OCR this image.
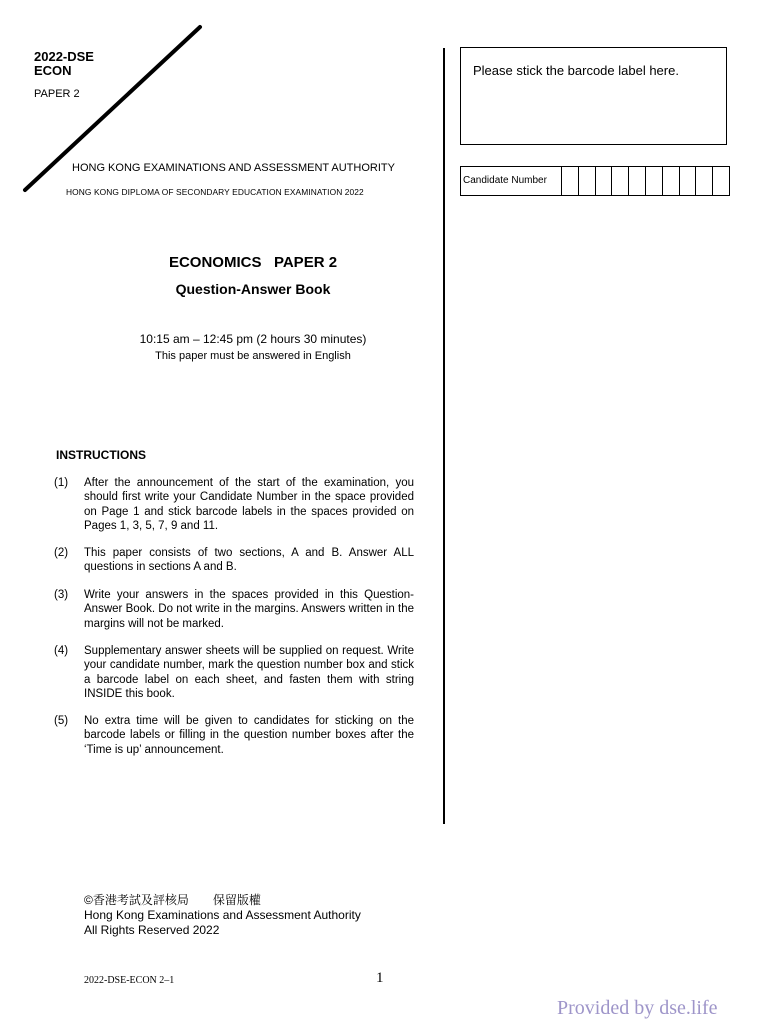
2022-DSE
ECON
PAPER 2
HONG KONG EXAMINATIONS AND ASSESSMENT AUTHORITY
HONG KONG DIPLOMA OF SECONDARY EDUCATION EXAMINATION 2022
ECONOMICS   PAPER 2
Question-Answer Book
10:15 am – 12:45 pm (2 hours 30 minutes)
This paper must be answered in English
Please stick the barcode label here.
Candidate Number
INSTRUCTIONS
(1) After the announcement of the start of the examination, you should first write your Candidate Number in the space provided on Page 1 and stick barcode labels in the spaces provided on Pages 1, 3, 5, 7, 9 and 11.
(2) This paper consists of two sections, A and B. Answer ALL questions in sections A and B.
(3) Write your answers in the spaces provided in this Question-Answer Book. Do not write in the margins. Answers written in the margins will not be marked.
(4) Supplementary answer sheets will be supplied on request. Write your candidate number, mark the question number box and stick a barcode label on each sheet, and fasten them with string INSIDE this book.
(5) No extra time will be given to candidates for sticking on the barcode labels or filling in the question number boxes after the ‘Time is up’ announcement.
©香港考試及評核局　　保留版權
Hong Kong Examinations and Assessment Authority
All Rights Reserved 2022
2022-DSE-ECON 2–1	1
Provided by dse.life
